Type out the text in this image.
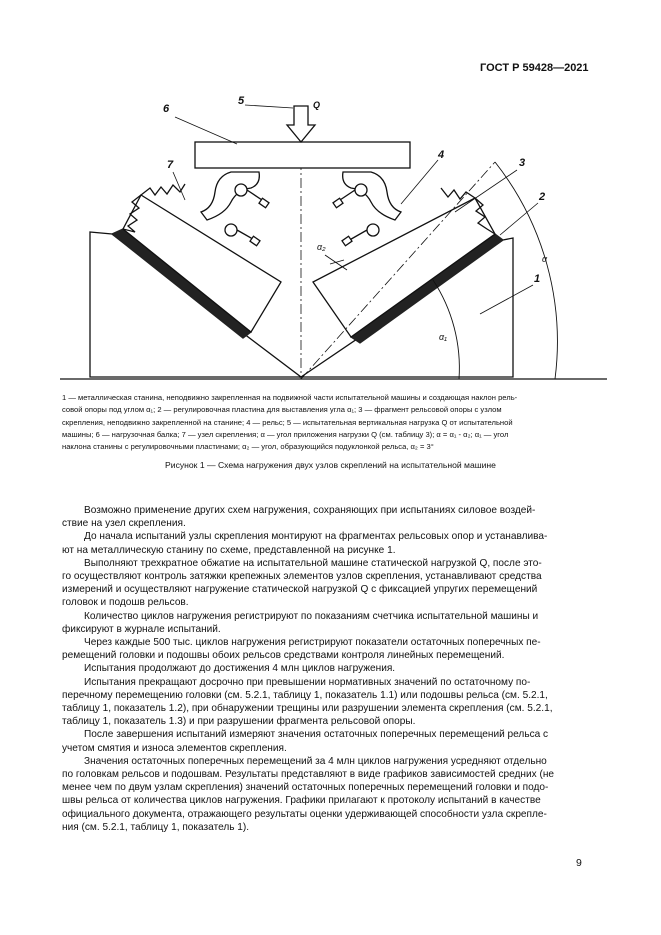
ГОСТ Р 59428—2021
6
5	Q
7
4
3
2
1
α
α₁
α₂
1 — металлическая станина, неподвижно закрепленная на подвижной части испытательной машины и создающая наклон рель-
совой опоры под углом α₁; 2 — регулировочная пластина для выставления угла α₁; 3 — фрагмент рельсовой опоры с узлом
скрепления, неподвижно закрепленной на станине; 4 — рельс; 5 — испытательная вертикальная нагрузка Q от испытательной
машины; 6 — нагрузочная балка; 7 — узел скрепления; α — угол приложения нагрузки Q (см. таблицу 3); α = α₁ - α₂; α₁ — угол
наклона станины с регулировочными пластинами; α₂ — угол, образующийся подуклонкой рельса, α₂ = 3°
Рисунок 1 — Схема нагружения двух узлов скреплений на испытательной машине
Возможно применение других схем нагружения, сохраняющих при испытаниях силовое воздей-
ствие на узел скрепления.
До начала испытаний узлы скрепления монтируют на фрагментах рельсовых опор и устанавлива-
ют на металлическую станину по схеме, представленной на рисунке 1.
Выполняют трехкратное обжатие на испытательной машине статической нагрузкой Q, после это-
го осуществляют контроль затяжки крепежных элементов узлов скрепления, устанавливают средства
измерений и осуществляют нагружение статической нагрузкой Q с фиксацией упругих перемещений
головок и подошв рельсов.
Количество циклов нагружения регистрируют по показаниям счетчика испытательной машины и
фиксируют в журнале испытаний.
Через каждые 500 тыс. циклов нагружения регистрируют показатели остаточных поперечных пе-
ремещений головки и подошвы обоих рельсов средствами контроля линейных перемещений.
Испытания продолжают до достижения 4 млн циклов нагружения.
Испытания прекращают досрочно при превышении нормативных значений по остаточному по-
перечному перемещению головки (см. 5.2.1, таблицу 1, показатель 1.1) или подошвы рельса (см. 5.2.1,
таблицу 1, показатель 1.2), при обнаружении трещины или разрушении элемента скрепления (см. 5.2.1,
таблицу 1, показатель 1.3) и при разрушении фрагмента рельсовой опоры.
После завершения испытаний измеряют значения остаточных поперечных перемещений рельса с
учетом смятия и износа элементов скрепления.
Значения остаточных поперечных перемещений за 4 млн циклов нагружения усредняют отдельно
по головкам рельсов и подошвам. Результаты представляют в виде графиков зависимостей средних (не
менее чем по двум узлам скрепления) значений остаточных поперечных перемещений головки и подо-
швы рельса от количества циклов нагружения. Графики прилагают к протоколу испытаний в качестве
официального документа, отражающего результаты оценки удерживающей способности узла скрепле-
ния (см. 5.2.1, таблицу 1, показатель 1).
9
